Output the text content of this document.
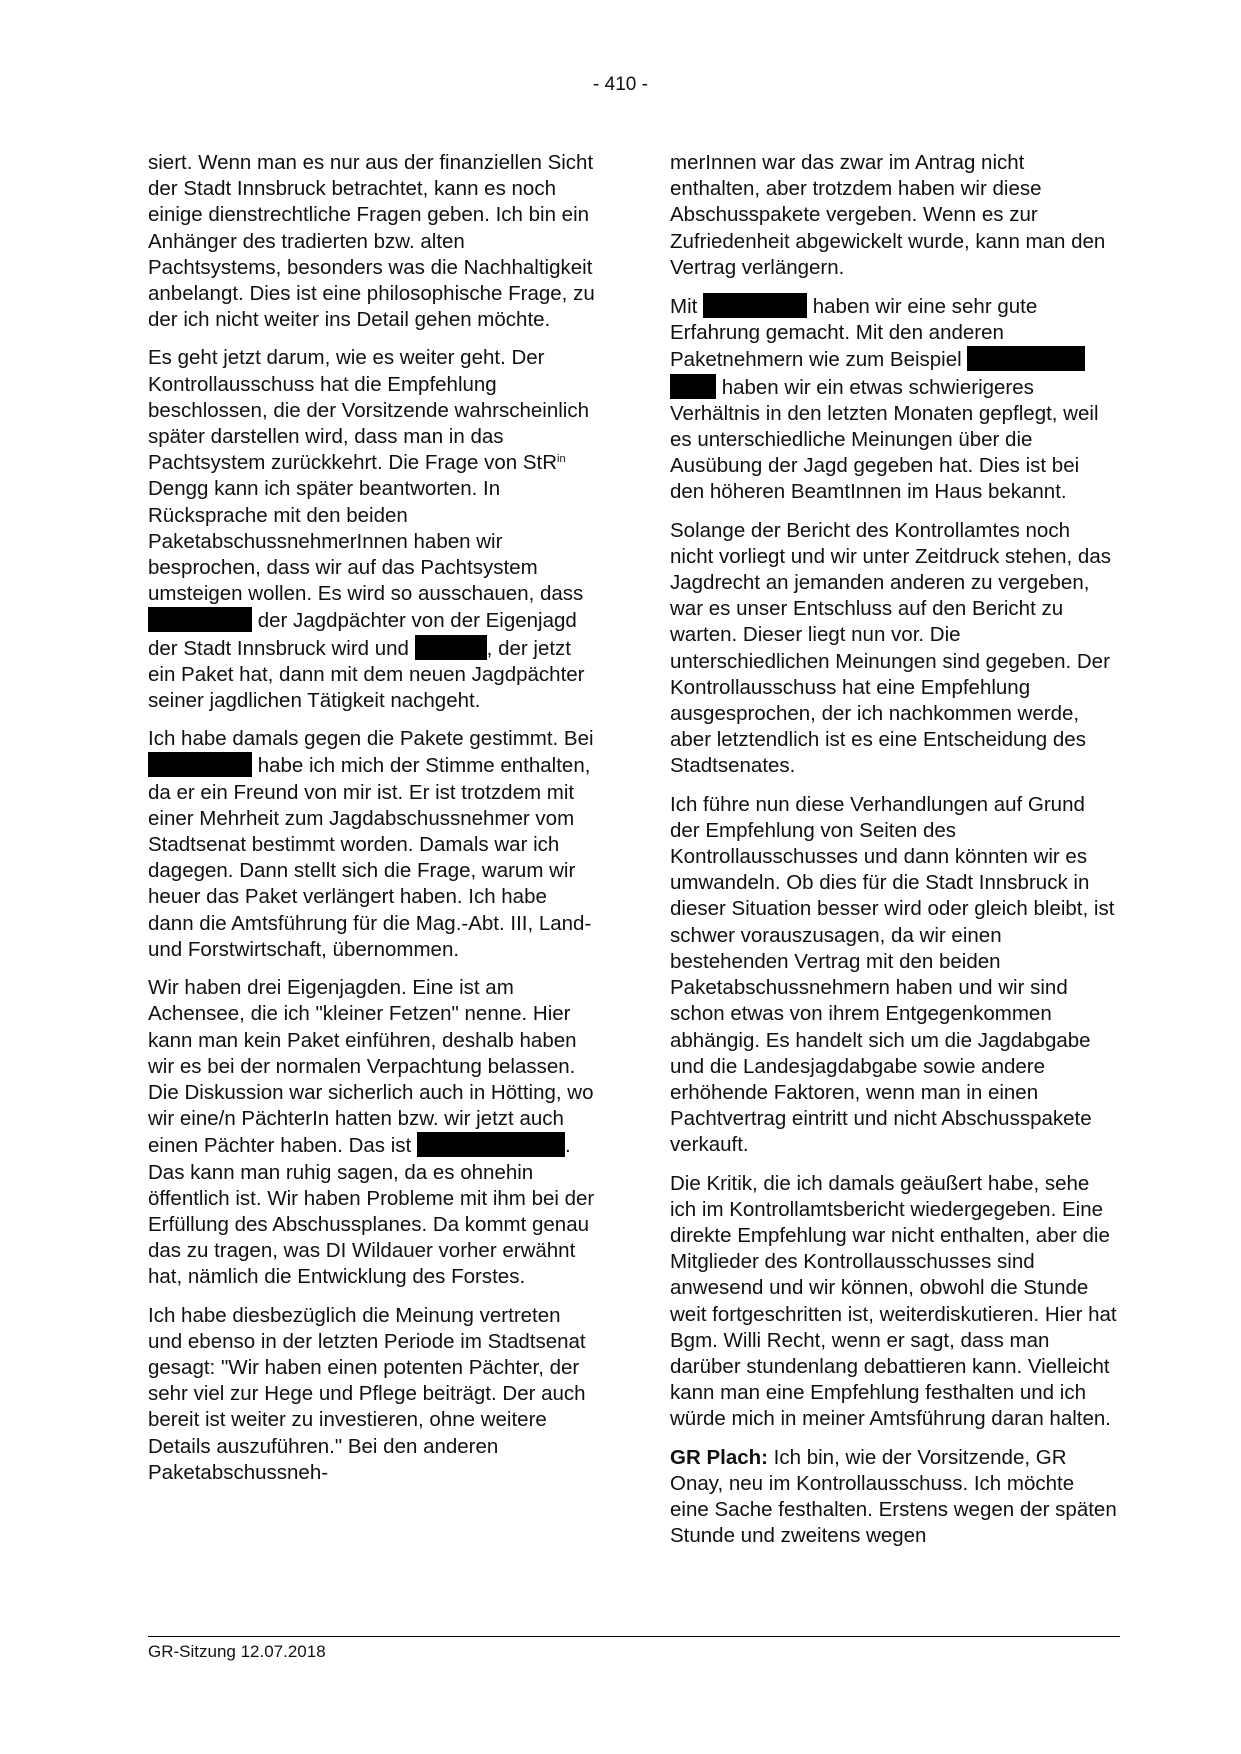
- 410 -

siert. Wenn man es nur aus der finanziellen Sicht der Stadt Innsbruck betrachtet, kann es noch einige dienstrechtliche Fragen geben. Ich bin ein Anhänger des tradierten bzw. alten Pachtsystems, besonders was die Nachhaltigkeit anbelangt. Dies ist eine philosophische Frage, zu der ich nicht weiter ins Detail gehen möchte.

Es geht jetzt darum, wie es weiter geht. Der Kontrollausschuss hat die Empfehlung beschlossen, die der Vorsitzende wahrscheinlich später darstellen wird, dass man in das Pachtsystem zurückkehrt. Die Frage von StR$^{in}$ Dengg kann ich später beantworten. In Rücksprache mit den beiden PaketabschussnehmerInnen haben wir besprochen, dass wir auf das Pachtsystem umsteigen wollen. Es wird so ausschauen, dass  der Jagdpächter von der Eigenjagd der Stadt Innsbruck wird und	, der jetzt ein Paket hat, dann mit dem neuen Jagdpächter seiner jagdlichen Tätigkeit nachgeht.

Ich habe damals gegen die Pakete gestimmt. Bei  habe ich mich der Stimme enthalten, da er ein Freund von mir ist. Er ist trotzdem mit einer Mehrheit zum Jagdabschussnehmer vom Stadtsenat bestimmt worden. Damals war ich dagegen. Dann stellt sich die Frage, warum wir heuer das Paket verlängert haben. Ich habe dann die Amtsführung für die Mag.-Abt. III, Land- und Forstwirtschaft, übernommen.

Wir haben drei Eigenjagden. Eine ist am Achensee, die ich "kleiner Fetzen" nenne. Hier kann man kein Paket einführen, deshalb haben wir es bei der normalen Verpachtung belassen. Die Diskussion war sicherlich auch in Hötting, wo wir eine/n PächterIn hatten bzw. wir jetzt auch einen Pächter haben. Das ist	. Das kann man ruhig sagen, da es ohnehin öffentlich ist. Wir haben Probleme mit ihm bei der Erfüllung des Abschussplanes. Da kommt genau das zu tragen, was DI Wildauer vorher erwähnt hat, nämlich die Entwicklung des Forstes.

Ich habe diesbezüglich die Meinung vertreten und ebenso in der letzten Periode im Stadtsenat gesagt: "Wir haben einen potenten Pächter, der sehr viel zur Hege und Pflege beiträgt. Der auch bereit ist weiter zu investieren, ohne weitere Details auszuführen." Bei den anderen Paketabschussneh-

merInnen war das zwar im Antrag nicht enthalten, aber trotzdem haben wir diese Abschusspakete vergeben. Wenn es zur Zufriedenheit abgewickelt wurde, kann man den Vertrag verlängern.

Mit	haben wir eine sehr gute Erfahrung gemacht. Mit den anderen Paketnehmern wie zum Beispiel   haben wir ein etwas schwierigeres Verhältnis in den letzten Monaten gepflegt, weil es unterschiedliche Meinungen über die Ausübung der Jagd gegeben hat. Dies ist bei den höheren BeamtInnen im Haus bekannt.

Solange der Bericht des Kontrollamtes noch nicht vorliegt und wir unter Zeitdruck stehen, das Jagdrecht an jemanden anderen zu vergeben, war es unser Entschluss auf den Bericht zu warten. Dieser liegt nun vor. Die unterschiedlichen Meinungen sind gegeben. Der Kontrollausschuss hat eine Empfehlung ausgesprochen, der ich nachkommen werde, aber letztendlich ist es eine Entscheidung des Stadtsenates.

Ich führe nun diese Verhandlungen auf Grund der Empfehlung von Seiten des Kontrollausschusses und dann könnten wir es umwandeln. Ob dies für die Stadt Innsbruck in dieser Situation besser wird oder gleich bleibt, ist schwer vorauszusagen, da wir einen bestehenden Vertrag mit den beiden Paketabschussnehmern haben und wir sind schon etwas von ihrem Entgegenkommen abhängig. Es handelt sich um die Jagdabgabe und die Landesjagdabgabe sowie andere erhöhende Faktoren, wenn man in einen Pachtvertrag eintritt und nicht Abschusspakete verkauft.

Die Kritik, die ich damals geäußert habe, sehe ich im Kontrollamtsbericht wiedergegeben. Eine direkte Empfehlung war nicht enthalten, aber die Mitglieder des Kontrollausschusses sind anwesend und wir können, obwohl die Stunde weit fortgeschritten ist, weiterdiskutieren. Hier hat Bgm. Willi Recht, wenn er sagt, dass man darüber stundenlang debattieren kann. Vielleicht kann man eine Empfehlung festhalten und ich würde mich in meiner Amtsführung daran halten.

GR Plach: Ich bin, wie der Vorsitzende, GR Onay, neu im Kontrollausschuss. Ich möchte eine Sache festhalten. Erstens wegen der späten Stunde und zweitens wegen

GR-Sitzung 12.07.2018
